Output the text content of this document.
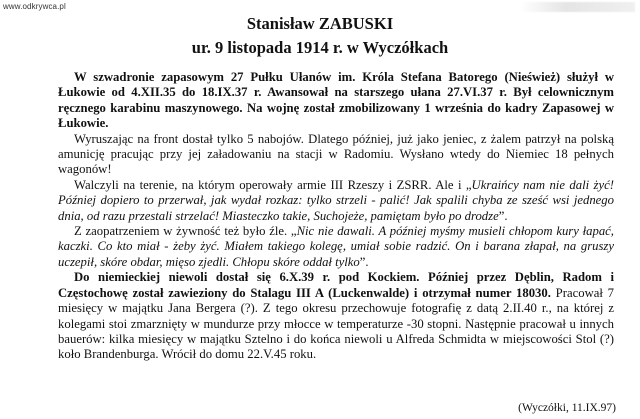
www.odkrywca.pl
Stanisław ZABUSKI
ur. 9 listopada 1914 r. w Wyczółkach

W szwadronie zapasowym 27 Pułku Ułanów im. Króla Stefana Batorego (Nieśwież) służył w Łukowie od 4.XII.35 do 18.IX.37 r. Awansował na starszego ułana 27.VI.37 r. Był celownicznym ręcznego karabinu maszynowego. Na wojnę został zmobilizowany 1 września do kadry Zapasowej w Łukowie.

Wyruszając na front dostał tylko 5 nabojów. Dlatego później, już jako jeniec, z żalem patrzył na polską amunicję pracując przy jej załadowaniu na stacji w Radomiu. Wysłano wtedy do Niemiec 18 pełnych wagonów!

Walczyli na terenie, na którym operowały armie III Rzeszy i ZSRR. Ale i „Ukraińcy nam nie dali żyć! Później dopiero to przerwał, jak wydał rozkaz: tylko strzeli - palić! Jak spalili chyba ze sześć wsi jednego dnia, od razu przestali strzelać! Miasteczko takie, Suchojeże, pamiętam było po drodze”.

Z zaopatrzeniem w żywność też było źle. „Nic nie dawali. A później myśmy musieli chłopom kury łapać, kaczki. Co kto miał - żeby żyć. Miałem takiego kolegę, umiał sobie radzić. On i barana złapał, na gruszy uczepił, skóre obdar, mięso zjedli. Chłopu skóre oddał tylko”.

Do niemieckiej niewoli dostał się 6.X.39 r. pod Kockiem. Później przez Dęblin, Radom i Częstochowę został zawieziony do Stalagu III A (Luckenwalde) i otrzymał numer 18030. Pracował 7 miesięcy w majątku Jana Bergera (?). Z tego okresu przechowuje fotografię z datą 2.II.40 r., na której z kolegami stoi zmarznięty w mundurze przy młocce w temperaturze -30 stopni. Następnie pracował u innych bauerów: kilka miesięcy w majątku Sztelno i do końca niewoli u Alfreda Schmidta w miejscowości Stol (?) koło Brandenburga. Wrócił do domu 22.V.45 roku.

(Wyczółki, 11.IX.97)
